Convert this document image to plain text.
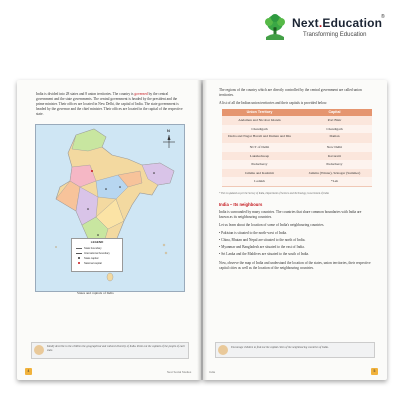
Next.Education
®
Transforming Education
India is divided into 28 states and 8 union territories. The country is governed by the central government and the state governments. The central government is headed by the president and the prime minister. Their offices are located in New Delhi, the capital of India. The state government is headed by the governor and the chief minister. Their offices are located in the capital of the respective state.
N
LEGEND
State boundary
International boundary
State capital
National capital
States and capitals of India
Kindly describe to the children the geographical and cultural diversity of India. Point out the capitals of the people of each state.
4	Next Social Studies
The regions of the country which are directly controlled by the central government are called union territories.
A list of all the Indian union territories and their capitals is provided below.
Union Territory	Capital
Andaman and Nicobar Islands	Port Blair
Chandigarh	Chandigarh
Dadra and Nagar Haveli and Daman and Diu	Daman
NCT of Delhi	New Delhi
Lakshadweep	Kavaratti
Puducherry	Puducherry
Jammu and Kashmir	Jammu (Winter), Srinagar (Summer)
Ladakh	*Leh
* This is updated as per the Survey of India, Department of Science and Technology, Government of India
India – Its neighbours
India is surrounded by many countries. The countries that share common boundaries with India are known as its neighbouring countries.
Let us learn about the location of some of India's neighbouring countries.
• Pakistan is situated to the north-west of India.
• China, Bhutan and Nepal are situated to the north of India.
• Myanmar and Bangladesh are situated to the east of India.
• Sri Lanka and the Maldives are situated to the south of India.
Now, observe the map of India and understand the location of the states, union territories, their respective capital cities as well as the location of the neighbouring countries.
Encourage children to find out the capital cities of the neighbouring countries of India.
India	5
